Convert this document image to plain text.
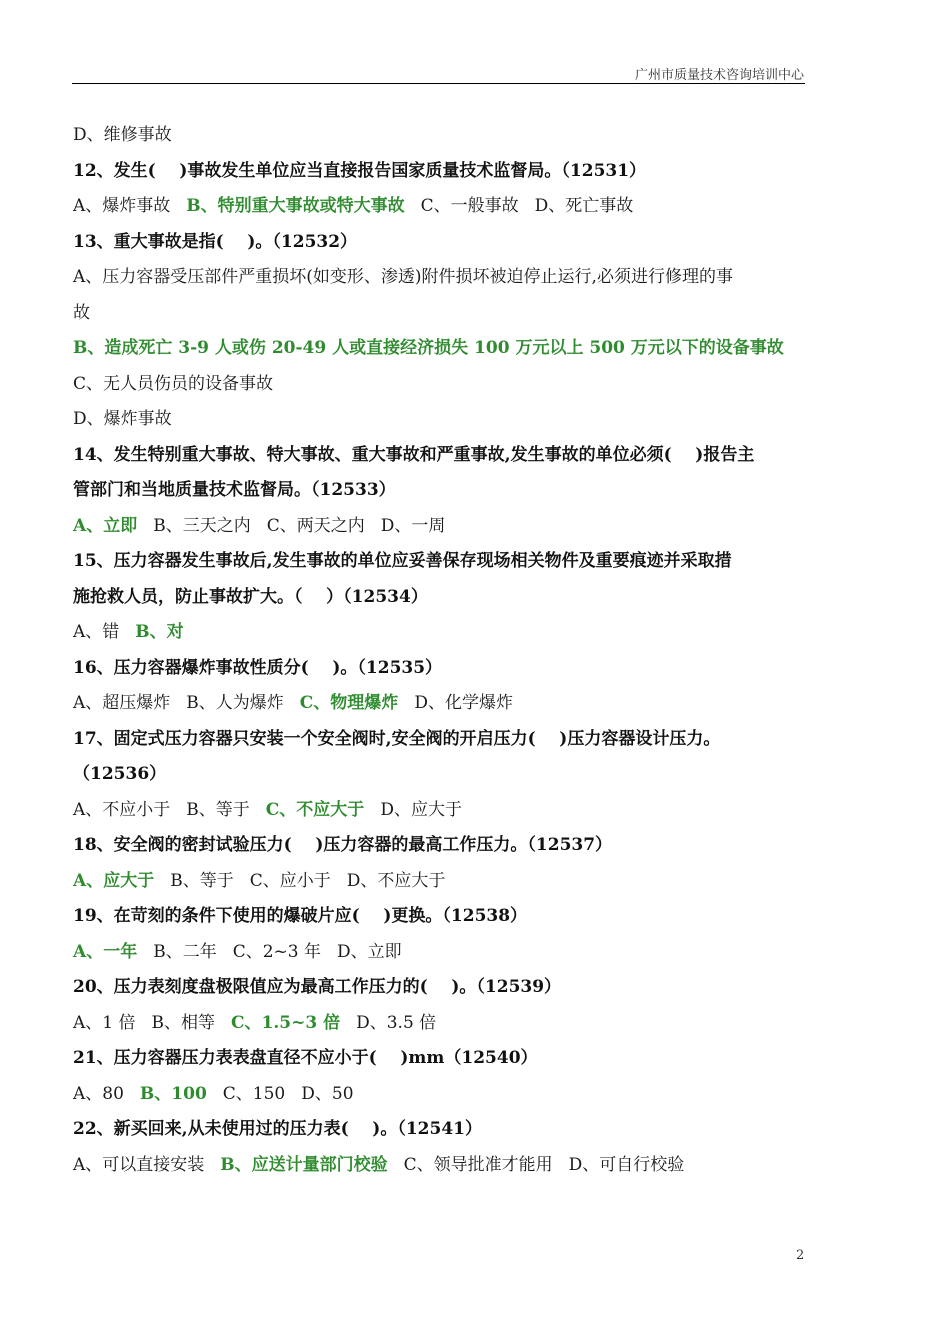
广州市质量技术咨询培训中心
D、维修事故
12、发生(    )事故发生单位应当直接报告国家质量技术监督局。（12531）
A、爆炸事故 B、特别重大事故或特大事故 C、一般事故 D、死亡事故
13、重大事故是指(    )。（12532）
A、压力容器受压部件严重损坏(如变形、渗透)附件损坏被迫停止运行,必须进行修理的事
故
B、造成死亡 3-9 人或伤 20-49 人或直接经济损失 100 万元以上 500 万元以下的设备事故
C、无人员伤员的设备事故
D、爆炸事故
14、发生特别重大事故、特大事故、重大事故和严重事故,发生事故的单位必须(    )报告主
管部门和当地质量技术监督局。（12533）
A、立即 B、三天之内 C、两天之内 D、一周
15、压力容器发生事故后,发生事故的单位应妥善保存现场相关物件及重要痕迹并采取措
施抢救人员，防止事故扩大。（    ）（12534）
A、错 B、对
16、压力容器爆炸事故性质分(    )。（12535）
A、超压爆炸 B、人为爆炸 C、物理爆炸 D、化学爆炸
17、固定式压力容器只安装一个安全阀时,安全阀的开启压力(    )压力容器设计压力。
（12536）
A、不应小于 B、等于 C、不应大于 D、应大于
18、安全阀的密封试验压力(    )压力容器的最高工作压力。（12537）
A、应大于 B、等于 C、应小于 D、不应大于
19、在苛刻的条件下使用的爆破片应(    )更换。（12538）
A、一年 B、二年 C、2~3 年 D、立即
20、压力表刻度盘极限值应为最高工作压力的(    )。（12539）
A、1 倍 B、相等 C、1.5~3 倍 D、3.5 倍
21、压力容器压力表表盘直径不应小于(    )mm（12540）
A、80 B、100 C、150 D、50
22、新买回来,从未使用过的压力表(    )。（12541）
A、可以直接安装 B、应送计量部门校验 C、领导批准才能用 D、可自行校验
2
